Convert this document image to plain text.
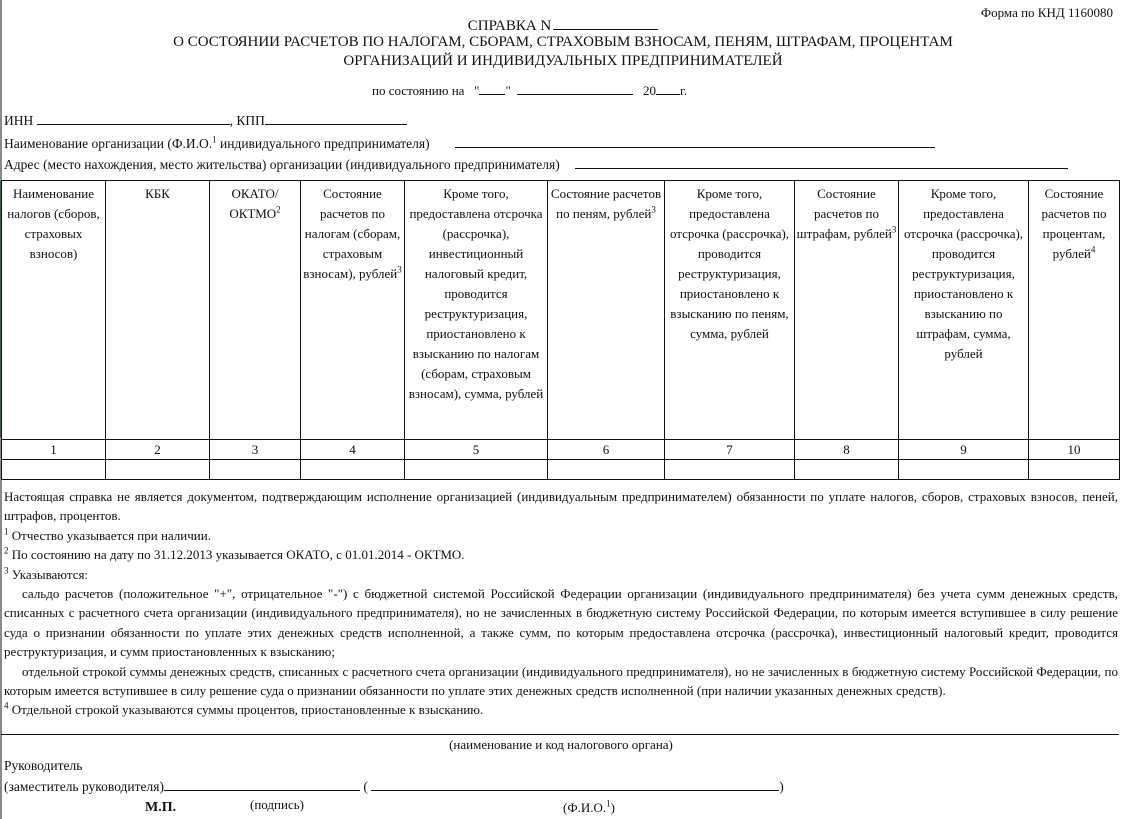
Форма по КНД 1160080
СПРАВКА N
О СОСТОЯНИИ РАСЧЕТОВ ПО НАЛОГАМ, СБОРАМ, СТРАХОВЫМ ВЗНОСАМ, ПЕНЯМ, ШТРАФАМ, ПРОЦЕНТАМ
ОРГАНИЗАЦИЙ И ИНДИВИДУАЛЬНЫХ ПРЕДПРИНИМАТЕЛЕЙ
по состоянию на " "	20 г.
ИНН	, КПП
Наименование организации (Ф.И.О.$^1$ индивидуального предпринимателя)
Адрес (место нахождения, место жительства) организации (индивидуального предпринимателя)
Наименование налогов (сборов, страховых взносов)	КБК	ОКАТО/ ОКТМО$^2$	Состояние расчетов по налогам (сборам, страховым взносам), рублей$^3$	Кроме того, предоставлена отсрочка (рассрочка), инвестиционный налоговый кредит, проводится реструктуризация, приостановлено к взысканию по налогам (сборам, страховым взносам), сумма, рублей	Состояние расчетов по пеням, рублей$^3$	Кроме того, предоставлена отсрочка (рассрочка), проводится реструктуризация, приостановлено к взысканию по пеням, сумма, рублей	Состояние расчетов по штрафам, рублей$^3$	Кроме того, предоставлена отсрочка (рассрочка), проводится реструктуризация, приостановлено к взысканию по штрафам, сумма, рублей	Состояние расчетов по процентам, рублей$^4$

1	2	3	4	5	6	7	8	9	10

Настоящая справка не является документом, подтверждающим исполнение организацией (индивидуальным предпринимателем) обязанности по уплате налогов, сборов, страховых взносов, пеней, штрафов, процентов.

$^1$ Отчество указывается при наличии.

$^2$ По состоянию на дату по 31.12.2013 указывается ОКАТО, с 01.01.2014 - ОКТМО.

$^3$ Указываются:

сальдо расчетов (положительное "+", отрицательное "-") с бюджетной системой Российской Федерации организации (индивидуального предпринимателя) без учета сумм денежных средств, списанных с расчетного счета организации (индивидуального предпринимателя), но не зачисленных в бюджетную систему Российской Федерации, по которым имеется вступившее в силу решение суда о признании обязанности по уплате этих денежных средств исполненной, а также сумм, по которым предоставлена отсрочка (рассрочка), инвестиционный налоговый кредит, проводится реструктуризация, и сумм приостановленных к взысканию;

отдельной строкой суммы денежных средств, списанных с расчетного счета организации (индивидуального предпринимателя), но не зачисленных в бюджетную систему Российской Федерации, по которым имеется вступившее в силу решение суда о признании обязанности по уплате этих денежных средств исполненной (при наличии указанных денежных средств).

$^4$ Отдельной строкой указываются суммы процентов, приостановленные к взысканию.

(наименование и код налогового органа)
Руководитель
(заместитель руководителя)	(	)
М.П.	(подпись)	(Ф.И.О.$^1$)
